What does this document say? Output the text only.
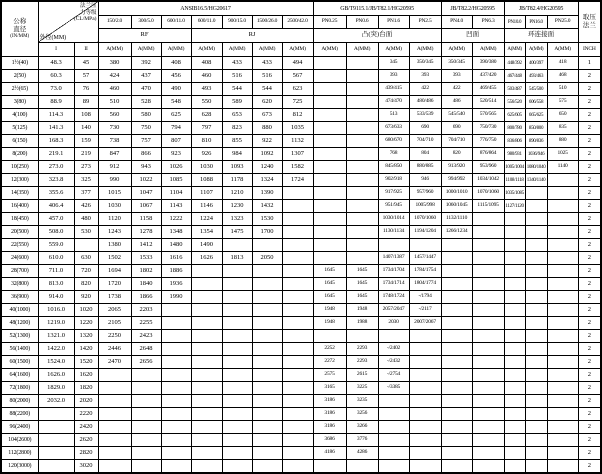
公称
直径
(IN/MM)

法兰压
力等级
(CL/MPa)
外径(MM)
	ANSIB16.5/HG20617	GB/T9115.1/JB/T82.1/HG20595	JB/T82.2/HG20595	JB/T82.4/HG20595	取压
法兰
			150/2.0	300/5.0	600/11.0	600/11.0	900/15.0	1500/26.0	2500/42.0	PN0.25	PN0.6	PN1.6	PN2.5	PN4.0	PN6.3	PN10.0	PN16.0	PN25.0	
			RF			RJ				凸(突)台面				凹面		环连接面			
	I	II	A(MM)	A(MM)	A(MM)	A(MM)	A(MM)	A(MM)	A(MM)	A(MM)	A(MM)	A(MM)	A(MM)	A(MM)	A(MM)	A(MM)	A(MM)	A(MM)	INCH
1½(40)	48.3	45	380	392	408	408	433	433	494			345	350/345	350/345	390/380	448/392	400/397	418	1
2(50)	60.3	57	424	437	456	460	516	516	567			393	393	393	437/420	467/448	493/463	468	2
2½(65)	73.0	76	460	470	490	493	544	544	623			439/415	422	422	469/455	503/487	545/500	510	2
3(80)	88.9	89	510	528	548	550	589	620	725			474/470	480/486	486	520/514	556/520	606/558	575	2
4(100)	114.3	108	560	580	625	628	653	673	812			513	533/539	545/540	570/565	625/605	665/625	650	2
5(125)	141.3	140	730	750	794	797	823	880	1035			673/633	690	690	750/730	800/780	850/800	835	2
6(150)	168.3	159	738	757	807	810	855	922	1132			680/670	704/710	704/710	776/750	836/806	890/836	880	2
8(200)	219.1	219	847	866	923	926	984	1092	1307			768	804	820	876/864	980/931	1036/946	1025	2
10(250)	273.0	273	912	943	1026	1030	1093	1240	1582			845/850	880/885	913/920	953/960	1005/1004	1080/1040	1140	2
12(300)	323.8	325	990	1022	1085	1088	1178	1324	1724			902/918	946	994/992	1034/1042	1108/1118	1340/1140		2
14(350)	355.6	377	1015	1047	1104	1107	1210	1390				917/925	957/960	1000/1010	1070/1060	1035/1085			2
16(400)	406.4	426	1030	1067	1143	1146	1230	1432				951/945	1005/998	1060/1045	1115/1095	1127/1120			2
18(450)	457.0	480	1120	1158	1222	1224	1323	1530				1030/1014	1070/1060	1132/1110					2
20(500)	508.0	530	1243	1278	1348	1354	1475	1700				1130/1134	1194/1204	1266/1234					2
22(550)	559.0		1380	1412	1480	1490													2
24(600)	610.0	630	1502	1533	1616	1626	1813	2050				1407/1387	1457/1447						2
28(700)	711.0	720	1694	1802	1886					1645	1645	1734/1704	1784/1754						2
32(800)	813.0	820	1720	1840	1936					1645	1645	1734/1714	1804/1774						2
36(900)	914.0	920	1738	1866	1990					1645	1645	1748/1724	-/1794						2
40(1000)	1016.0	1020	2065	2203						1948	1948	2057/2047	-/2117						2
48(1200)	1219.0	1220	2105	2255						1948	1988	2030	2007/2067						2
52(1300)	1321.0	1320	2250	2423															2
56(1400)	1422.0	1420	2446	2648						2252	2293	-/2402							2
60(1500)	1524.0	1520	2470	2656						2272	2293	-/2432							2
64(1600)	1626.0	1620								2575	2615	-/2754							2
72(1800)	1829.0	1820								3165	3225	-/3385							2
80(2000)	2032.0	2020								3186	3235								2
88(2200)		2220								3186	3256								2
96(2400)		2420								3186	3266								2
104(2600)		2620								3686	3776								2
112(2800)		2820								4186	4286								2
120(3000)		3020																	2
